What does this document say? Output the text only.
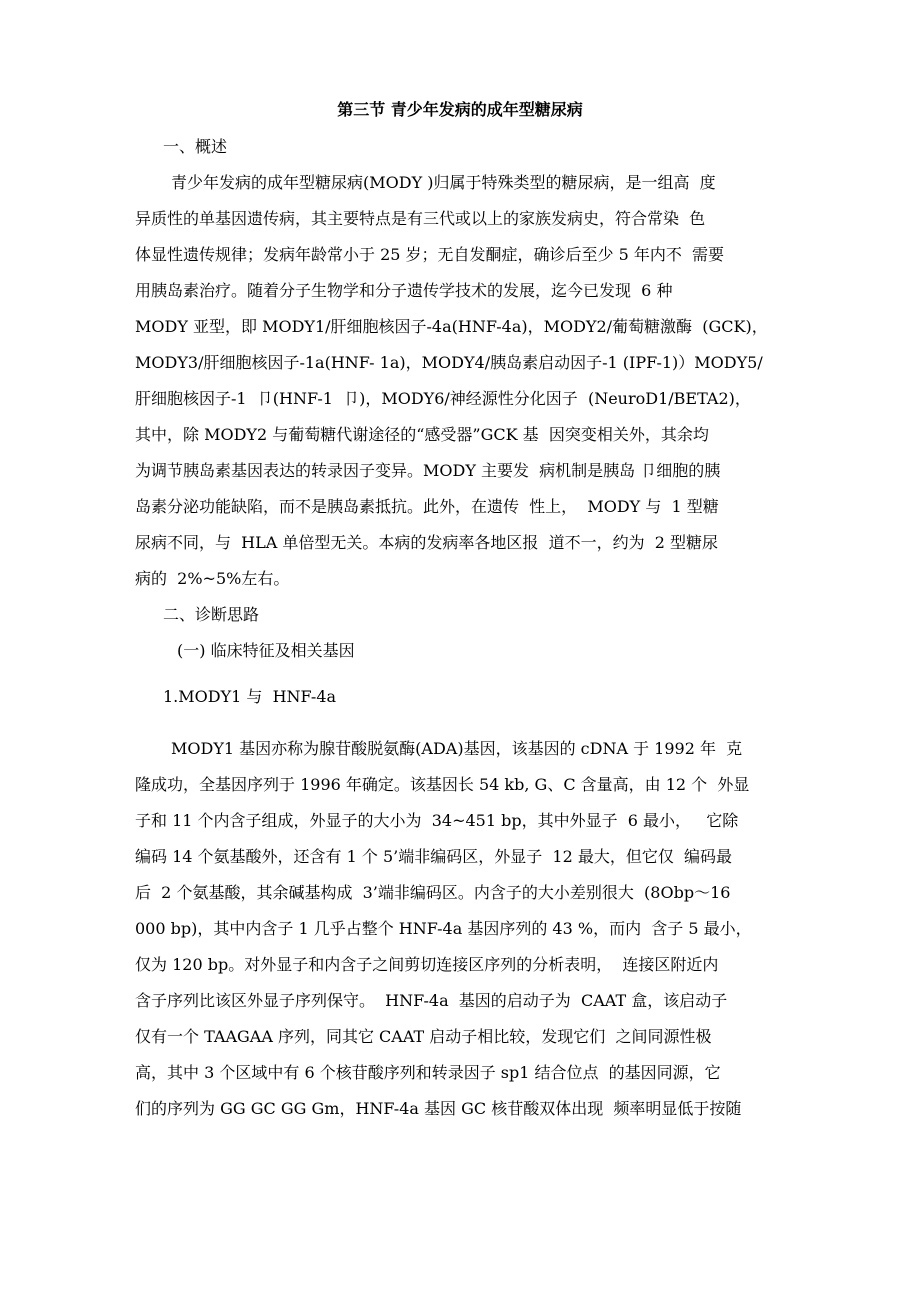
第三节 青少年发病的成年型糖尿病
一、概述
青少年发病的成年型糖尿病(MODY )归属于特殊类型的糖尿病，是一组高  度
异质性的单基因遗传病，其主要特点是有三代或以上的家族发病史，符合常染  色
体显性遗传规律；发病年龄常小于 25 岁；无自发酮症，确诊后至少 5 年内不  需要
用胰岛素治疗。随着分子生物学和分子遗传学技术的发展，迄今已发现  6 种
MODY 亚型，即 MODY1/肝细胞核因子-4a(HNF-4a)，MODY2/葡萄糖激酶  (GCK)，
MODY3/肝细胞核因子-1a(HNF- 1a)，MODY4/胰岛素启动因子-1 (IPF-1)）MODY5/
肝细胞核因子-1  卩(HNF-1  卩)，MODY6/神经源性分化因子  (NeuroD1/BETA2)，
其中，除 MODY2 与葡萄糖代谢途径的“感受器”GCK 基  因突变相关外，其余均
为调节胰岛素基因表达的转录因子变异。MODY 主要发  病机制是胰岛 卩细胞的胰
岛素分泌功能缺陷，而不是胰岛素抵抗。此外，在遗传  性上，  MODY 与  1 型糖
尿病不同，与  HLA 单倍型无关。本病的发病率各地区报  道不一，约为  2 型糖尿
病的  2%~5%左右。
二、诊断思路
(一) 临床特征及相关基因
1.MODY1 与  HNF-4a
MODY1 基因亦称为腺苷酸脱氨酶(ADA)基因，该基因的 cDNA 于 1992 年  克
隆成功，全基因序列于 1996 年确定。该基因长 54 kb, G、C 含量高，由 12 个  外显
子和 11 个内含子组成，外显子的大小为  34~451 bp，其中外显子  6 最小，   它除
编码 14 个氨基酸外，还含有 1 个 5’端非编码区，外显子  12 最大，但它仅  编码最
后  2 个氨基酸，其余碱基构成  3’端非编码区。内含子的大小差别很大  (8Obp〜16
000 bp)，其中内含子 1 几乎占整个 HNF-4a 基因序列的 43 %，而内  含子 5 最小，
仅为 120 bp。对外显子和内含子之间剪切连接区序列的分析表明，  连接区附近内
含子序列比该区外显子序列保守。  HNF-4a  基因的启动子为  CAAT 盒，该启动子
仅有一个 TAAGAA 序列，同其它 CAAT 启动子相比较，发现它们  之间同源性极
高，其中 3 个区域中有 6 个核苷酸序列和转录因子 sp1 结合位点  的基因同源，它
们的序列为 GG GC GG Gm，HNF-4a 基因 GC 核苷酸双体出现  频率明显低于按随
